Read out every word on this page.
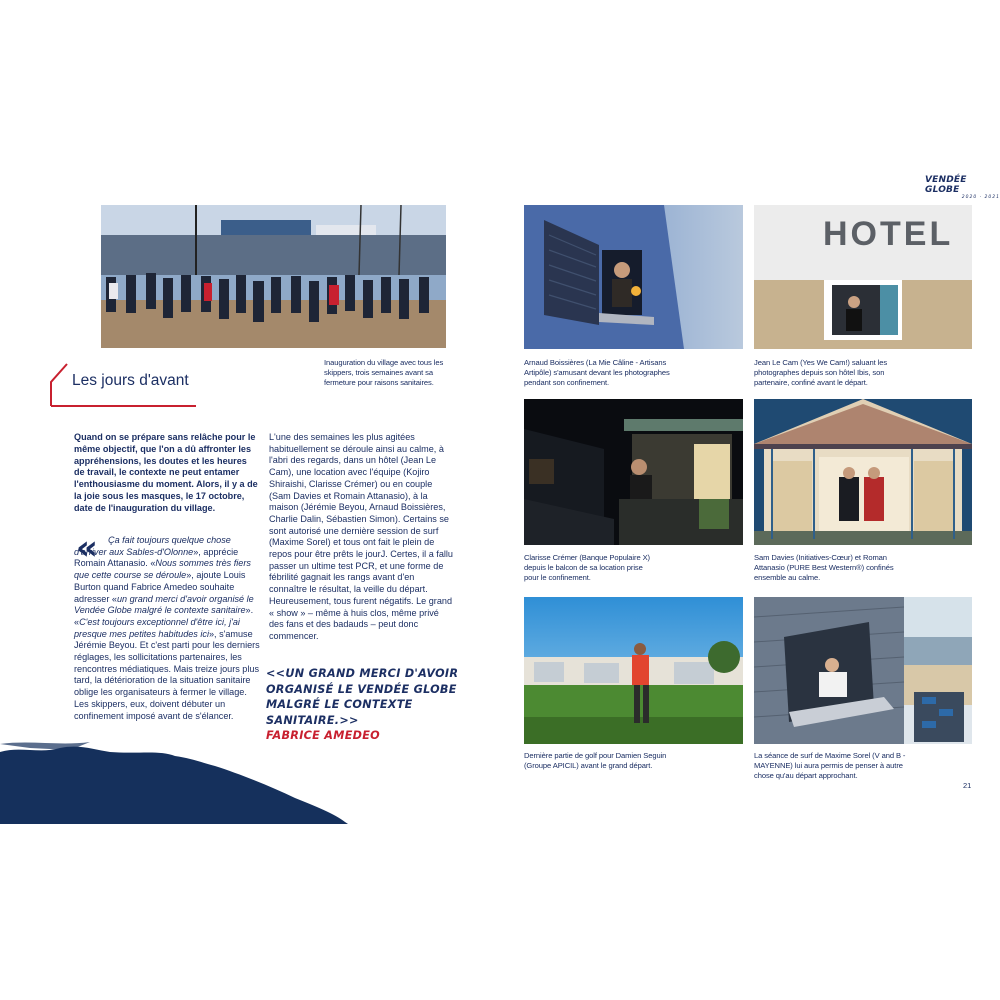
VENDÉE GLOBE
2020 · 2021
Inauguration du village avec tous les skippers, trois semaines avant sa fermeture pour raisons sanitaires.
Les jours d'avant
Quand on se prépare sans relâche pour le même objectif, que l'on a dû affronter les appréhensions, les doutes et les heures de travail, le contexte ne peut entamer l'enthousiasme du moment. Alors, il y a de la joie sous les masques, le 17 octobre, date de l'inauguration du village.
«	Ça fait toujours quelque chose d'arriver aux Sables-d'Olonne», apprécie Romain Attanasio. «Nous sommes très fiers que cette course se déroule», ajoute Louis Burton quand Fabrice Amedeo souhaite adresser «un grand merci d'avoir organisé le Vendée Globe malgré le contexte sanitaire». «C'est toujours exceptionnel d'être ici, j'ai presque mes petites habitudes ici», s'amuse Jérémie Beyou. Et c'est parti pour les derniers réglages, les sollicitations partenaires, les rencontres médiatiques. Mais treize jours plus tard, la détérioration de la situation sanitaire oblige les organisateurs à fermer le village. Les skippers, eux, doivent débuter un confinement imposé avant de s'élancer.

L'une des semaines les plus agitées habituellement se déroule ainsi au calme, à l'abri des regards, dans un hôtel (Jean Le Cam), une location avec l'équipe (Kojiro Shiraishi, Clarisse Crémer) ou en couple (Sam Davies et Romain Attanasio), à la maison (Jérémie Beyou, Arnaud Boissières, Charlie Dalin, Sébastien Simon). Certains se sont autorisé une dernière session de surf (Maxime Sorel) et tous ont fait le plein de repos pour être prêts le jourJ. Certes, il a fallu passer un ultime test PCR, et une forme de fébrilité gagnait les rangs avant d'en connaître le résultat, la veille du départ. Heureusement, tous furent négatifs. Le grand « show » – même à huis clos, même privé des fans et des badauds – peut donc commencer.
<<UN GRAND MERCI D'AVOIR ORGANISÉ LE VENDÉE GLOBE MALGRÉ LE CONTEXTE SANITAIRE.>>
FABRICE AMEDEO
Arnaud Boissières (La Mie Câline - Artisans Artipôle) s'amusant devant les photographes pendant son confinement.
HOTEL
Jean Le Cam (Yes We Cam!) saluant les photographes depuis son hôtel Ibis, son partenaire, confiné avant le départ.
Clarisse Crémer (Banque Populaire X) depuis le balcon de sa location prise pour le confinement.
Sam Davies (Initiatives-Cœur) et Roman Attanasio (PURE Best Western®) confinés ensemble au calme.
Dernière partie de golf pour Damien Seguin (Groupe APICIL) avant le grand départ.
La séance de surf de Maxime Sorel (V and B - MAYENNE) lui aura permis de penser à autre chose qu'au départ approchant.
21
